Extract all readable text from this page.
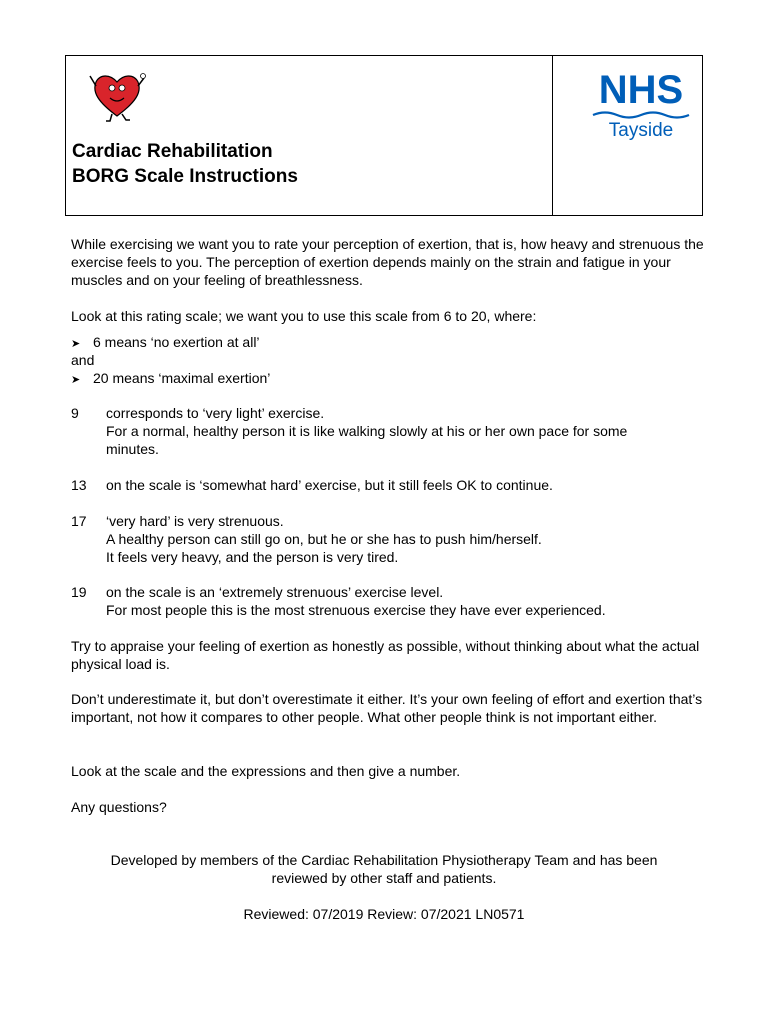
Cardiac Rehabilitation
BORG Scale Instructions
NHS
Tayside
While exercising we want you to rate your perception of exertion, that is, how heavy and strenuous the exercise feels to you. The perception of exertion depends mainly on the strain and fatigue in your muscles and on your feeling of breathlessness.
Look at this rating scale; we want you to use this scale from 6 to 20, where:
➤ 6 means ‘no exertion at all’
and
➤ 20 means ‘maximal exertion’
9	corresponds to ‘very light’ exercise.
For a normal, healthy person it is like walking slowly at his or her own pace for some
minutes.
13	on the scale is ‘somewhat hard’ exercise, but it still feels OK to continue.
17	‘very hard’ is very strenuous.
A healthy person can still go on, but he or she has to push him/herself.
It feels very heavy, and the person is very tired.
19	on the scale is an ‘extremely strenuous’ exercise level.
For most people this is the most strenuous exercise they have ever experienced.
Try to appraise your feeling of exertion as honestly as possible, without thinking about what the actual physical load is.
Don’t underestimate it, but don’t overestimate it either. It’s your own feeling of effort and exertion that’s important, not how it compares to other people. What other people think is not important either.
Look at the scale and the expressions and then give a number.
Any questions?
Developed by members of the Cardiac Rehabilitation Physiotherapy Team and has been
reviewed by other staff and patients.
Reviewed: 07/2019 Review: 07/2021 LN0571
